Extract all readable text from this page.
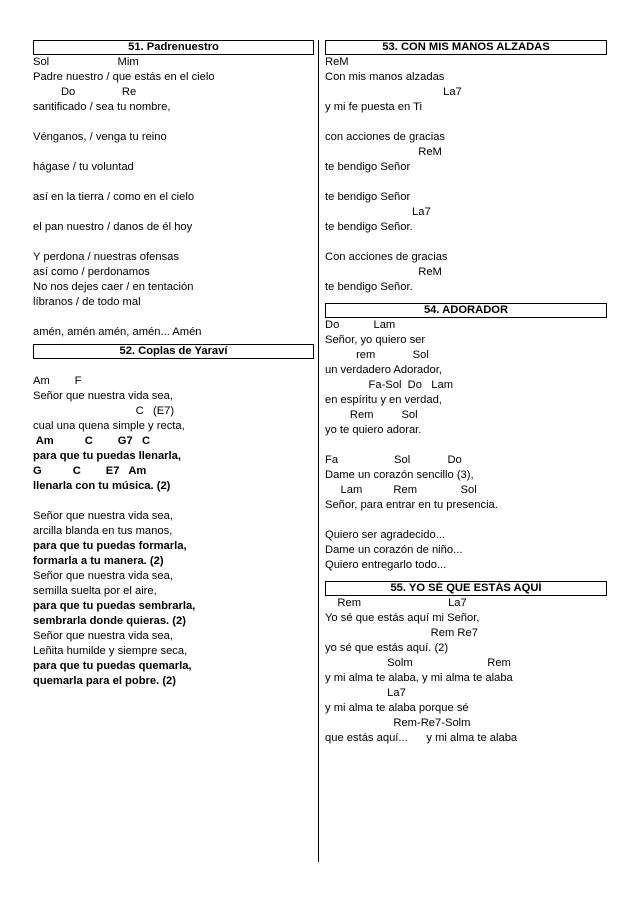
51. Padrenuestro
Sol                      Mim
Padre nuestro / que estás en el cielo
Do               Re
santificado / sea tu nombre,
Vénganos, / venga tu reino
hágase / tu voluntad
así en la tierra / como en el cielo
el pan nuestro / danos de él hoy
Y perdona / nuestras ofensas
así como / perdonamos
No nos dejes caer / en tentación
líbranos / de todo mal
amén, amén amén, amén... Amén
52. Coplas de Yaraví
Am        F
Señor que nuestra vida sea,
C   (E7)
cual una quena simple y recta,
Am          C        G7   C
para que tu puedas llenarla,
G          C        E7   Am
llenarla con tu música. (2)
Señor que nuestra vida sea,
arcilla blanda en tus manos,
para que tu puedas formarla,
formarla a tu manera. (2)
Señor que nuestra vida sea,
semilla suelta por el aire,
para que tu puedas sembrarla,
sembrarla donde quieras. (2)
Señor que nuestra vida sea,
Leñita humilde y siempre seca,
para que tu puedas quemarla,
quemarla para el pobre. (2)
53. CON MIS MANOS ALZADAS
ReM
Con mis manos alzadas
La7
y mi fe puesta en Ti
con acciones de gracias
ReM
te bendigo Señor
te bendigo Señor
La7
te bendigo Señor.
Con acciones de gracias
ReM
te bendigo Señor.
54. ADORADOR
Do           Lam
Señor, yo quiero ser
rem            Sol
un verdadero Adorador,
Fa-Sol  Do   Lam
en espíritu y en verdad,
Rem         Sol
yo te quiero adorar.
Fa                  Sol            Do
Dame un corazón sencillo (3),
Lam          Rem              Sol
Señor, para entrar en tu presencia.
Quiero ser agradecido...
Dame un corazón de niño...
Quiero entregarlo todo...
55. YO SÉ QUE ESTÁS AQUÍ
Rem                            La7
Yo sé que estás aquí mi Señor,
Rem Re7
yo sé que estás aquí. (2)
Solm                        Rem
y mi alma te alaba, y mi alma te alaba
La7
y mi alma te alaba porque sé
Rem-Re7-Solm
que estás aquí...      y mi alma te alaba
